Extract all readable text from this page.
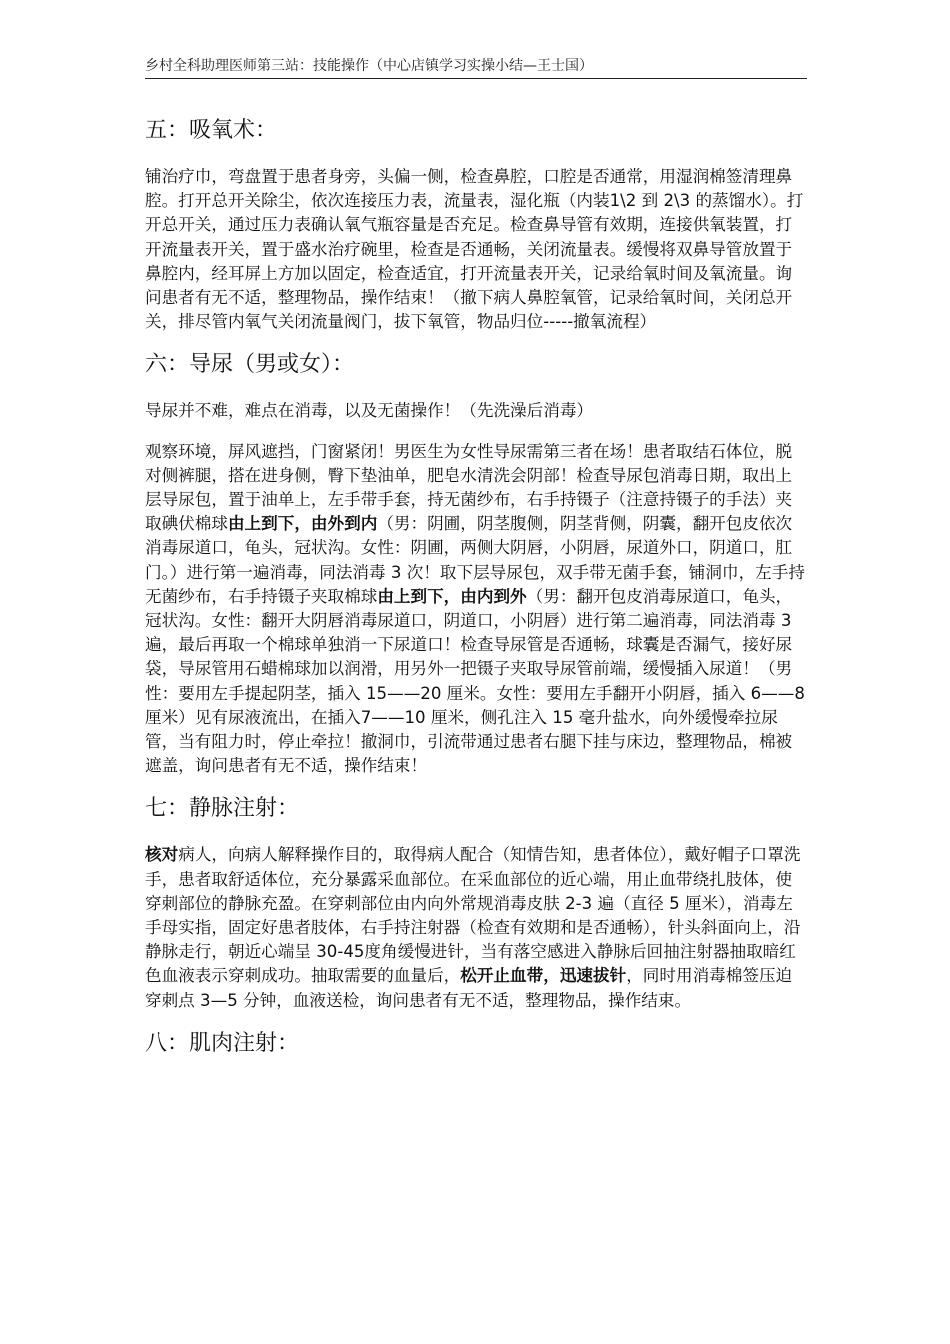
乡村全科助理医师第三站：技能操作（中心店镇学习实操小结—王士国）
五：吸氧术：

铺治疗巾，弯盘置于患者身旁，头偏一侧，检查鼻腔，口腔是否通常，用湿润棉签清理鼻腔。打开总开关除尘，依次连接压力表，流量表，湿化瓶（内装1\2 到 2\3 的蒸馏水）。打开总开关，通过压力表确认氧气瓶容量是否充足。检查鼻导管有效期，连接供氧装置，打开流量表开关，置于盛水治疗碗里，检查是否通畅，关闭流量表。缓慢将双鼻导管放置于鼻腔内，经耳屏上方加以固定，检查适宜，打开流量表开关，记录给氧时间及氧流量。询问患者有无不适，整理物品，操作结束！（撤下病人鼻腔氧管，记录给氧时间，关闭总开关，排尽管内氧气关闭流量阀门，拔下氧管，物品归位-----撤氧流程）

六：导尿（男或女）：

导尿并不难，难点在消毒，以及无菌操作！（先洗澡后消毒）

观察环境，屏风遮挡，门窗紧闭！男医生为女性导尿需第三者在场！患者取结石体位，脱对侧裤腿，搭在进身侧，臀下垫油单，肥皂水清洗会阴部！检查导尿包消毒日期，取出上层导尿包，置于油单上，左手带手套，持无菌纱布，右手持镊子（注意持镊子的手法）夹取碘伏棉球由上到下，由外到内（男：阴圃，阴茎腹侧，阴茎背侧，阴囊，翻开包皮依次消毒尿道口，龟头，冠状沟。女性：阴圃，两侧大阴唇，小阴唇，尿道外口，阴道口，肛门。）进行第一遍消毒，同法消毒 3 次！取下层导尿包，双手带无菌手套，铺洞巾，左手持无菌纱布，右手持镊子夹取棉球由上到下，由内到外（男：翻开包皮消毒尿道口，龟头，冠状沟。女性：翻开大阴唇消毒尿道口，阴道口，小阴唇）进行第二遍消毒，同法消毒 3 遍，最后再取一个棉球单独消一下尿道口！检查导尿管是否通畅，球囊是否漏气，接好尿袋，导尿管用石蜡棉球加以润滑，用另外一把镊子夹取导尿管前端，缓慢插入尿道！（男性：要用左手提起阴茎，插入 15——20 厘米。女性：要用左手翻开小阴唇，插入 6——8 厘米）见有尿液流出，在插入7——10 厘米，侧孔注入 15 毫升盐水，向外缓慢牵拉尿管，当有阻力时，停止牵拉！撤洞巾，引流带通过患者右腿下挂与床边，整理物品，棉被遮盖，询问患者有无不适，操作结束！

七：静脉注射：

核对病人，向病人解释操作目的，取得病人配合（知情告知，患者体位），戴好帽子口罩洗手，患者取舒适体位，充分暴露采血部位。在采血部位的近心端，用止血带绕扎肢体，使穿刺部位的静脉充盈。在穿刺部位由内向外常规消毒皮肤 2-3 遍（直径 5 厘米），消毒左手母实指，固定好患者肢体，右手持注射器（检查有效期和是否通畅），针头斜面向上，沿静脉走行，朝近心端呈 30-45度角缓慢进针，当有落空感进入静脉后回抽注射器抽取暗红色血液表示穿刺成功。抽取需要的血量后，松开止血带，迅速拔针，同时用消毒棉签压迫穿刺点 3—5 分钟，血液送检，询问患者有无不适，整理物品，操作结束。

八：肌肉注射：
